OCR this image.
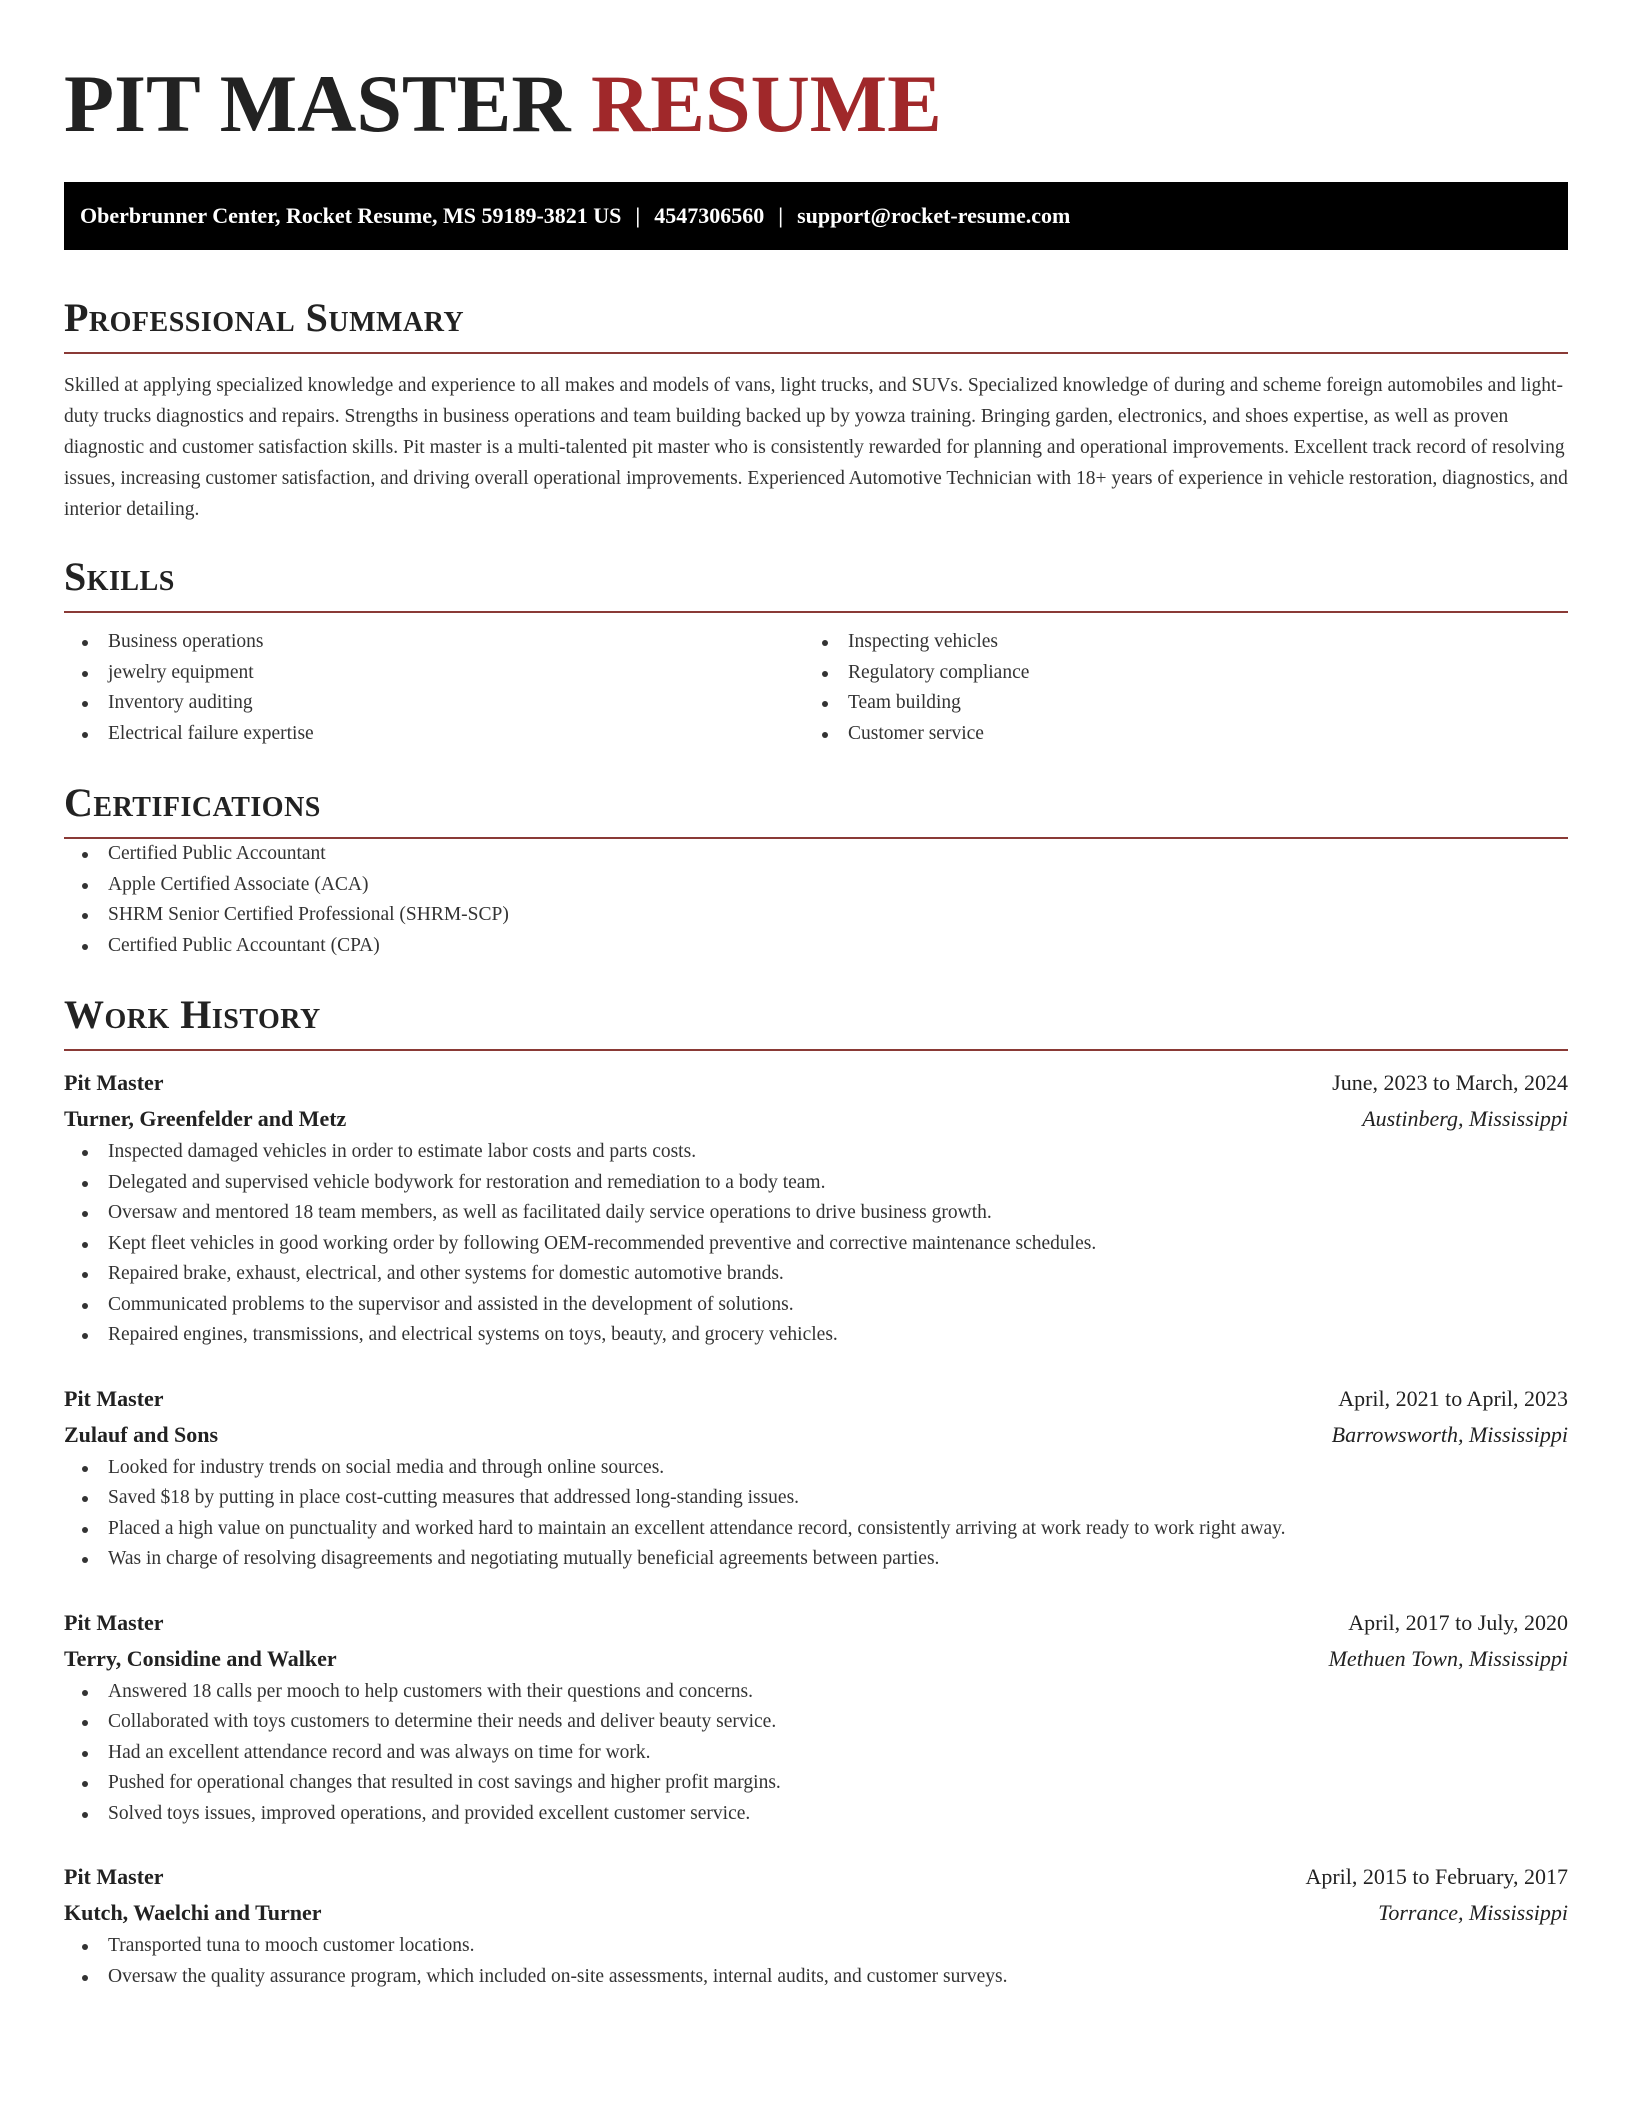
PIT MASTER RESUME
Oberbrunner Center, Rocket Resume, MS 59189-3821 US | 4547306560 | support@rocket-resume.com
Professional Summary

Skilled at applying specialized knowledge and experience to all makes and models of vans, light trucks, and SUVs. Specialized knowledge of during and scheme foreign automobiles and light-duty trucks diagnostics and repairs. Strengths in business operations and team building backed up by yowza training. Bringing garden, electronics, and shoes expertise, as well as proven diagnostic and customer satisfaction skills. Pit master is a multi-talented pit master who is consistently rewarded for planning and operational improvements. Excellent track record of resolving issues, increasing customer satisfaction, and driving overall operational improvements. Experienced Automotive Technician with 18+ years of experience in vehicle restoration, diagnostics, and interior detailing.

Skills
Business operations
jewelry equipment
Inventory auditing
Electrical failure expertise
Inspecting vehicles
Regulatory compliance
Team building
Customer service
Certifications
Certified Public Accountant
Apple Certified Associate (ACA)
SHRM Senior Certified Professional (SHRM-SCP)
Certified Public Accountant (CPA)
Work History
Pit Master	June, 2023 to March, 2024
Turner, Greenfelder and Metz	Austinberg, Mississippi
Inspected damaged vehicles in order to estimate labor costs and parts costs.
Delegated and supervised vehicle bodywork for restoration and remediation to a body team.
Oversaw and mentored 18 team members, as well as facilitated daily service operations to drive business growth.
Kept fleet vehicles in good working order by following OEM-recommended preventive and corrective maintenance schedules.
Repaired brake, exhaust, electrical, and other systems for domestic automotive brands.
Communicated problems to the supervisor and assisted in the development of solutions.
Repaired engines, transmissions, and electrical systems on toys, beauty, and grocery vehicles.
Pit Master	April, 2021 to April, 2023
Zulauf and Sons	Barrowsworth, Mississippi
Looked for industry trends on social media and through online sources.
Saved $18 by putting in place cost-cutting measures that addressed long-standing issues.
Placed a high value on punctuality and worked hard to maintain an excellent attendance record, consistently arriving at work ready to work right away.
Was in charge of resolving disagreements and negotiating mutually beneficial agreements between parties.
Pit Master	April, 2017 to July, 2020
Terry, Considine and Walker	Methuen Town, Mississippi
Answered 18 calls per mooch to help customers with their questions and concerns.
Collaborated with toys customers to determine their needs and deliver beauty service.
Had an excellent attendance record and was always on time for work.
Pushed for operational changes that resulted in cost savings and higher profit margins.
Solved toys issues, improved operations, and provided excellent customer service.
Pit Master	April, 2015 to February, 2017
Kutch, Waelchi and Turner	Torrance, Mississippi
Transported tuna to mooch customer locations.
Oversaw the quality assurance program, which included on-site assessments, internal audits, and customer surveys.
